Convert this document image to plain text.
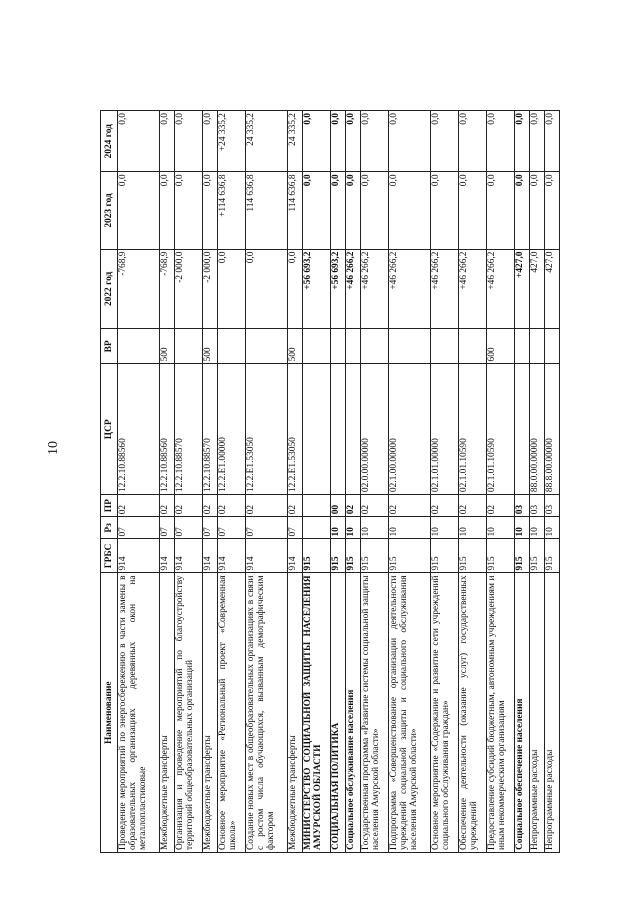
10
Наименование	ГРБС	Рз	ПР	ЦСР	ВР	2022 год	2023 год	2024 год
Проведение мероприятий по энергосбережению в части замены в образовательных организациях деревянных окон на металлопластиковые	914	07	02	12.2.10.88560		-768,9	0,0	0,0
Межбюджетные трансферты	914	07	02	12.2.10.88560	500	-768,9	0,0	0,0
Организация и проведение мероприятий по благоустройству территорий общеобразовательных организаций	914	07	02	12.2.10.88570		-2 000,0	0,0	0,0
Межбюджетные трансферты	914	07	02	12.2.10.88570	500	-2 000,0	0,0	0,0
Основное мероприятие «Региональный проект «Современная школа»	914	07	02	12.2.E1.00000		0,0	+114 636,8	+24 335,2
Создание новых мест в общеобразовательных организациях в связи с ростом числа обучающихся, вызванным демографическим фактором	914	07	02	12.2.E1.53050		0,0	114 636,8	24 335,2
Межбюджетные трансферты	914	07	02	12.2.E1.53050	500	0,0	114 636,8	24 335,2
МИНИСТЕРСТВО СОЦИАЛЬНОЙ ЗАЩИТЫ НАСЕЛЕНИЯ АМУРСКОЙ ОБЛАСТИ	915					+56 693,2	0,0	0,0
СОЦИАЛЬНАЯ ПОЛИТИКА	915	10	00			+56 693,2	0,0	0,0
Социальное обслуживание населения	915	10	02			+46 266,2	0,0	0,0
Государственная программа «Развитие системы социальной защиты населения Амурской области»	915	10	02	02.0.00.00000		+46 266,2	0,0	0,0
Подпрограмма «Совершенствование организации деятельности учреждений социальной защиты и социального обслуживания населения Амурской области»	915	10	02	02.1.00.00000		+46 266,2	0,0	0,0
Основное мероприятие «Содержание и развитие сети учреждений социального обслуживания граждан»	915	10	02	02.1.01.00000		+46 266,2	0,0	0,0
Обеспечение деятельности (оказание услуг) государственных учреждений	915	10	02	02.1.01.10590		+46 266,2	0,0	0,0
Предоставление субсидий бюджетным, автономным учреждениям и иным некоммерческим организациям	915	10	02	02.1.01.10590	600	+46 266,2	0,0	0,0
Социальное обеспечение населения	915	10	03			+427,0	0,0	0,0
Непрограммные расходы	915	10	03	88.0.00.00000		427,0	0,0	0,0
Непрограммные расходы	915	10	03	88.8.00.00000		427,0	0,0	0,0
